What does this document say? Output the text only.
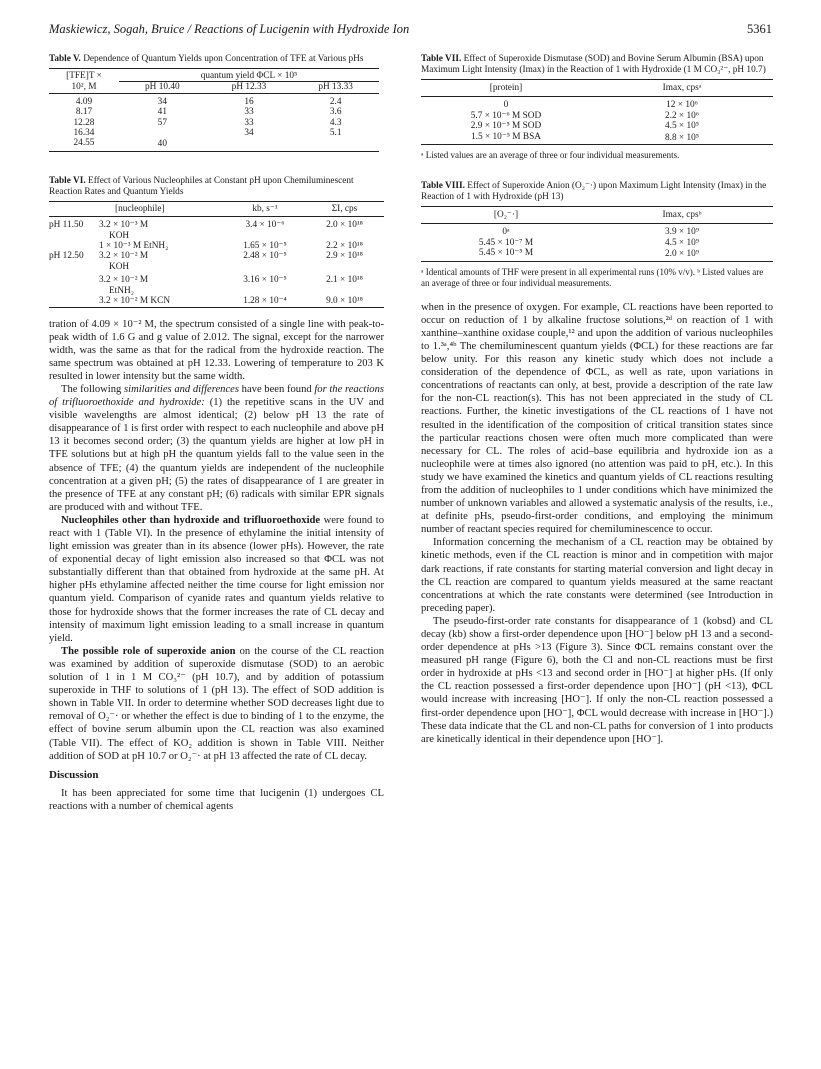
Maskiewicz, Sogah, Bruice / Reactions of Lucigenin with Hydroxide Ion	5361

Table V. Dependence of Quantum Yields upon Concentration of TFE at Various pHs

[TFE]T ×	quantum yield ΦCL × 10⁵		
10², M	pH 10.40	pH 12.33	pH 13.33
4.09	34	16	2.4
8.17	41	33	3.6
12.28	57	33	4.3
16.34		34	5.1
24.55	40		

Table VI. Effect of Various Nucleophiles at Constant pH upon Chemiluminescent Reaction Rates and Quantum Yields

	[nucleophile]	kb, s⁻¹	ΣI, cps
pH 11.50	3.2 × 10⁻³ M	3.4 × 10⁻⁶	2.0 × 10¹⁸
	KOH		
	1 × 10⁻³ M EtNH₂	1.65 × 10⁻⁵	2.2 × 10¹⁸
pH 12.50	3.2 × 10⁻² M	2.48 × 10⁻⁵	2.9 × 10¹⁸
	KOH		
	3.2 × 10⁻² M	3.16 × 10⁻⁵	2.1 × 10¹⁸
	EtNH₂		
	3.2 × 10⁻² M KCN	1.28 × 10⁻⁴	9.0 × 10¹⁸

tration of 4.09 × 10⁻² M, the spectrum consisted of a single line with peak-to-peak width of 1.6 G and g value of 2.012. The signal, except for the narrower width, was the same as that for the radical from the hydroxide reaction. The same spectrum was obtained at pH 12.33. Lowering of temperature to 203 K resulted in lower intensity but the same width.

The following similarities and differences have been found for the reactions of trifluoroethoxide and hydroxide: (1) the repetitive scans in the UV and visible wavelengths are almost identical; (2) below pH 13 the rate of disappearance of 1 is first order with respect to each nucleophile and above pH 13 it becomes second order; (3) the quantum yields are higher at low pH in TFE solutions but at high pH the quantum yields fall to the value seen in the absence of TFE; (4) the quantum yields are independent of the nucleophile concentration at a given pH; (5) the rates of disappearance of 1 are greater in the presence of TFE at any constant pH; (6) radicals with similar EPR signals are produced with and without TFE.

Nucleophiles other than hydroxide and trifluoroethoxide were found to react with 1 (Table VI). In the presence of ethylamine the initial intensity of light emission was greater than in its absence (lower pHs). However, the rate of exponential decay of light emission also increased so that ΦCL was not substantially different than that obtained from hydroxide at the same pH. At higher pHs ethylamine affected neither the time course for light emission nor quantum yield. Comparison of cyanide rates and quantum yields relative to those for hydroxide shows that the former increases the rate of CL decay and intensity of maximum light emission leading to a small increase in quantum yield.

The possible role of superoxide anion on the course of the CL reaction was examined by addition of superoxide dismutase (SOD) to an aerobic solution of 1 in 1 M CO₃²⁻ (pH 10.7), and by addition of potassium superoxide in THF to solutions of 1 (pH 13). The effect of SOD addition is shown in Table VII. In order to determine whether SOD decreases light due to removal of O₂⁻· or whether the effect is due to binding of 1 to the enzyme, the effect of bovine serum albumin upon the CL reaction was also examined (Table VII). The effect of KO₂ addition is shown in Table VIII. Neither addition of SOD at pH 10.7 or O₂⁻· at pH 13 affected the rate of CL decay.

Discussion

It has been appreciated for some time that lucigenin (1) undergoes CL reactions with a number of chemical agents

Table VII. Effect of Superoxide Dismutase (SOD) and Bovine Serum Albumin (BSA) upon Maximum Light Intensity (Imax) in the Reaction of 1 with Hydroxide (1 M CO₃²⁻, pH 10.7)

[protein]	Imax, cpsᵃ
0	12 × 10⁶
5.7 × 10⁻⁶ M SOD	2.2 × 10⁶
2.9 × 10⁻⁵ M SOD	4.5 × 10⁵
1.5 × 10⁻⁵ M BSA	8.8 × 10⁵

ᵃ Listed values are an average of three or four individual measurements.

Table VIII. Effect of Superoxide Anion (O₂⁻·) upon Maximum Light Intensity (Imax) in the Reaction of 1 with Hydroxide (pH 13)

[O₂⁻·]	Imax, cpsᵇ
0ᵃ	3.9 × 10⁹
5.45 × 10⁻⁷ M	4.5 × 10⁹
5.45 × 10⁻⁵ M	2.0 × 10⁹

ᵃ Identical amounts of THF were present in all experimental runs (10% v/v). ᵇ Listed values are an average of three or four individual measurements.

when in the presence of oxygen. For example, CL reactions have been reported to occur on reduction of 1 by alkaline fructose solutions,²ᵈ on reaction of 1 with xanthine–xanthine oxidase couple,¹² and upon the addition of various nucleophiles to 1.³ᵃ,⁴ᵇ The chemiluminescent quantum yields (ΦCL) for these reactions are far below unity. For this reason any kinetic study which does not include a consideration of the dependence of ΦCL, as well as rate, upon variations in concentrations of reactants can only, at best, provide a description of the rate law for the non-CL reaction(s). This has not been appreciated in the study of CL reactions. Further, the kinetic investigations of the CL reactions of 1 have not resulted in the identification of the composition of critical transition states since the particular reactions chosen were often much more complicated than were necessary for CL. The roles of acid–base equilibria and hydroxide ion as a nucleophile were at times also ignored (no attention was paid to pH, etc.). In this study we have examined the kinetics and quantum yields of CL reactions resulting from the addition of nucleophiles to 1 under conditions which have minimized the number of unknown variables and allowed a systematic analysis of the results, i.e., at definite pHs, pseudo-first-order conditions, and employing the minimum number of reactant species required for chemiluminescence to occur.

Information concerning the mechanism of a CL reaction may be obtained by kinetic methods, even if the CL reaction is minor and in competition with major dark reactions, if rate constants for starting material conversion and light decay in the CL reaction are compared to quantum yields measured at the same reactant concentrations at which the rate constants were determined (see Introduction in preceding paper).

The pseudo-first-order rate constants for disappearance of 1 (kobsd) and CL decay (kb) show a first-order dependence upon [HO⁻] below pH 13 and a second-order dependence at pHs >13 (Figure 3). Since ΦCL remains constant over the measured pH range (Figure 6), both the Cl and non-CL reactions must be first order in hydroxide at pHs <13 and second order in [HO⁻] at higher pHs. (If only the CL reaction possessed a first-order dependence upon [HO⁻] (pH <13), ΦCL would increase with increasing [HO⁻]. If only the non-CL reaction possessed a first-order dependence upon [HO⁻], ΦCL would decrease with increase in [HO⁻].) These data indicate that the CL and non-CL paths for conversion of 1 into products are kinetically identical in their dependence upon [HO⁻].
